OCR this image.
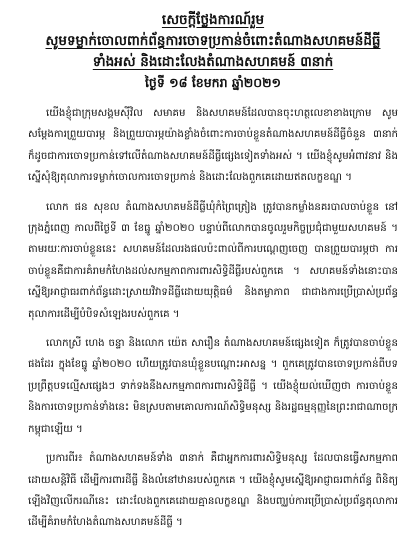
សេចក្តីថ្លែងការណ៍រួម
សូមទម្លាក់ចោលពាក់ព័ន្ធការចោទប្រកាន់ចំពោះតំណាងសហគមន៍ដីធ្លី
ទាំងអស់ និងដោះលែងតំណាងសហគមន៍ ៣នាក់
ថ្ងៃទី ១៨ ខែមករា ឆ្នាំ២០២១

យើងខ្ញុំជាក្រុមសង្គមស៊ីវិល សមាគម និងសហគមន៍ដែលបានចុះហត្ថលេខាខាងក្រោម សូមសម្តែងការព្រួយបារម្ភ និងព្រួយបារម្ភយ៉ាងខ្លាំងចំពោះការចាប់ខ្លួនតំណាងសហគមន៍ដីធ្លីចំនួន ៣នាក់ ក៏ដូចជាការចោទប្រកាន់ទៅលើតំណាងសហគមន៍ដីធ្លីផ្សេងទៀតទាំងអស់ ។ យើងខ្ញុំសូមអំពាវនាវ និងស្នើសុំឱ្យតុលាការទម្លាក់ចោលការចោទប្រកាន់ និងដោះលែងពួកគេដោយឥតលក្ខខណ្ឌ ។

លោក ផន សុខល តំណាងសហគមន៍ដីធ្លីឃុំកំព្រៃត្រៀង ត្រូវបានកម្លាំងនគរបាលចាប់ខ្លួន នៅក្រុងភ្នំពេញ កាលពីថ្ងៃទី ៣ ខែធ្នូ ឆ្នាំ២០២០ បន្ទាប់ពីលោកបានចូលរួមកិច្ចប្រជុំជាមួយសហគមន៍ ។ តាមរយៈការចាប់ខ្លួននេះ សហគមន៍ដែលរងផលប៉ះពាល់ពីការបណ្តេញចេញ បានព្រួយបារម្ភថា ការចាប់ខ្លួនគឺជាការគំរាមកំហែងដល់សកម្មភាពការពារសិទ្ធិដីធ្លីរបស់ពួកគេ ។ សហគមន៍ទាំងនោះបានស្នើឱ្យអាជ្ញាធរពាក់ព័ន្ធដោះស្រាយវិវាទដីធ្លីដោយយុត្តិធម៌ និងតម្លាភាព ជាជាងការប្រើប្រាស់ប្រព័ន្ធតុលាការដើម្បីបំបិទសំឡេងរបស់ពួកគេ ។

លោកស្រី ហេង ចន្ទា និងលោក យ៉េត សារឿន តំណាងសហគមន៍ផ្សេងទៀត ក៏ត្រូវបានចាប់ខ្លួនផងដែរ ក្នុងខែធ្នូ ឆ្នាំ២០២០ ហើយត្រូវបានឃុំខ្លួនបណ្តោះអាសន្ន ។ ពួកគេត្រូវបានចោទប្រកាន់ពីបទប្រព្រឹត្តបទល្មើសផ្សេងៗ ទាក់ទងនឹងសកម្មភាពការពារសិទ្ធិដីធ្លី ។ យើងខ្ញុំយល់ឃើញថា ការចាប់ខ្លួននិងការចោទប្រកាន់ទាំងនេះ មិនស្របតាមគោលការណ៍សិទ្ធិមនុស្ស និងរដ្ឋធម្មនុញ្ញនៃព្រះរាជាណាចក្រកម្ពុជាឡើយ ។

ប្រការពីរ៖ តំណាងសហគមន៍ទាំង ៣នាក់ គឺជាអ្នកការពារសិទ្ធិមនុស្ស ដែលបានធ្វើសកម្មភាពដោយសន្តិវិធី ដើម្បីការពារដីធ្លី និងលំនៅឋានរបស់ពួកគេ ។ យើងខ្ញុំសូមស្នើឱ្យអាជ្ញាធរពាក់ព័ន្ធ ពិនិត្យឡើងវិញលើករណីនេះ ដោះលែងពួកគេដោយគ្មានលក្ខខណ្ឌ និងបញ្ឈប់ការប្រើប្រាស់ប្រព័ន្ធតុលាការ ដើម្បីគំរាមកំហែងតំណាងសហគមន៍ដីធ្លី ។
